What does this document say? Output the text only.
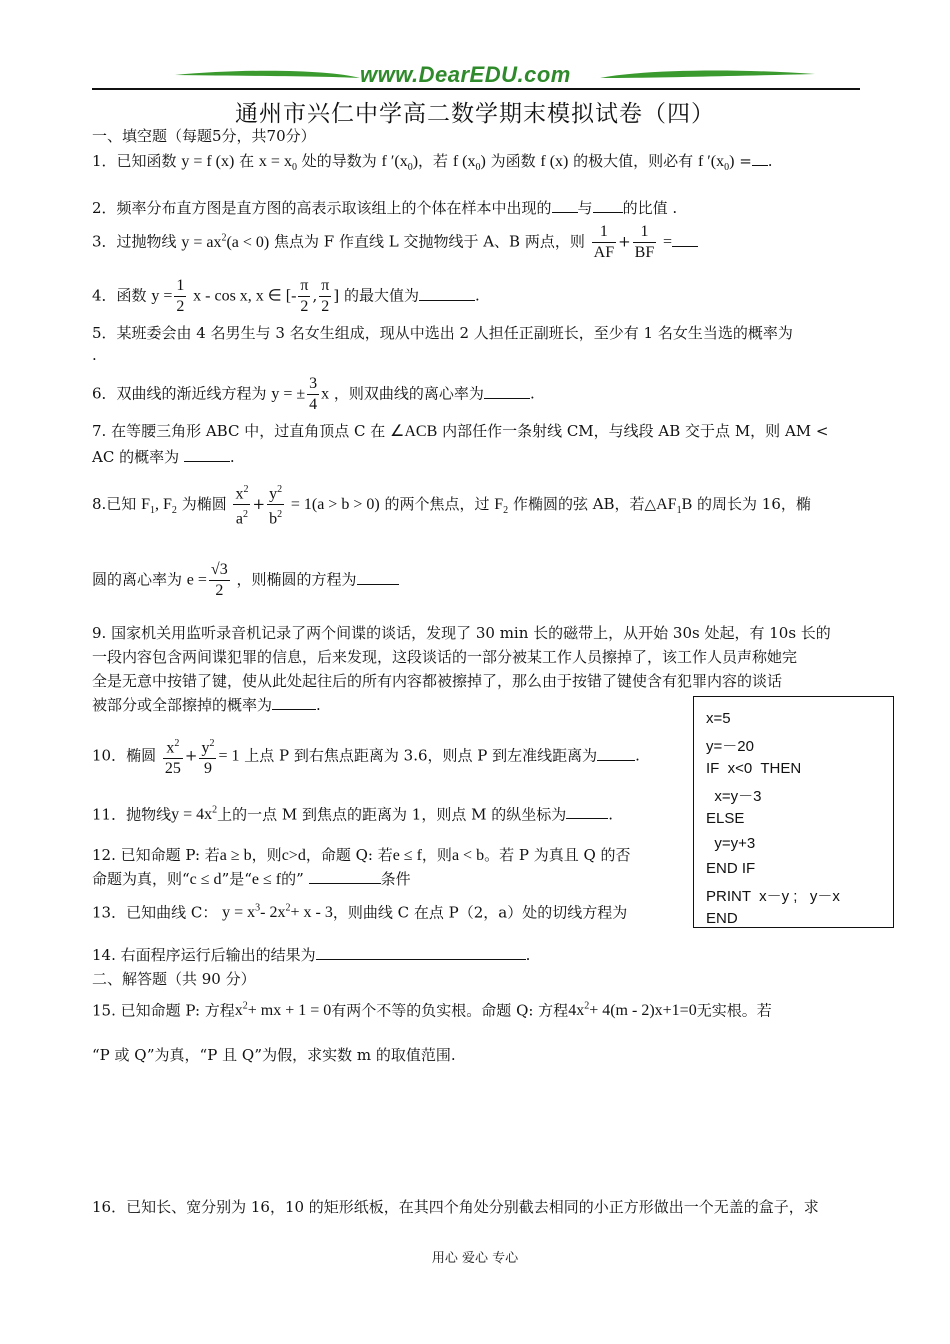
www.DearEDU.com
通州市兴仁中学高二数学期末模拟试卷（四）
一、填空题（每题5分，共70分）
1．已知函数 y = f (x) 在 $x = x_0$ 处的导数为 f $'(x_0)$，若 f $(x_0)$ 为函数 f (x) 的极大值，则必有 f $'(x_0)$ = .
2．频率分布直方图是直方图的高表示取该组上的个体在样本中出现的 与 的比值 .
3．过抛物线 $y = ax^2(a < 0)$ 焦点为 F 作直线 L 交抛物线于 A、B 两点，则 $\frac{1}{AF} + \frac{1}{BF}$ =
4．函数 $y = \frac{1}{2}$ x - cos x, x ∈ [- $\frac{\pi}{2}$ , $\frac{\pi}{2}$ ] 的最大值为	.
5．某班委会由 4 名男生与 3 名女生组成，现从中选出 2 人担任正副班长，至少有 1 名女生当选的概率为
.
6．双曲线的渐近线方程为 y = ± $\frac{3}{4}$ x ，则双曲线的离心率为	.
7. 在等腰三角形 ABC 中，过直角顶点 C 在 ∠ACB 内部任作一条射线 CM，与线段 AB 交于点 M，则 AM <
AC 的概率为	.
8.已知 $F_1$, $F_2$ 为椭圆 $\frac{x^2}{a^2} + \frac{y^2}{b^2} = 1(a > b > 0)$ 的两个焦点，过 $F_2$ 作椭圆的弦 AB，若$\triangle AF_1B$ 的周长为 16，椭
圆的离心率为 $e = \frac{√3}{2}$ ，则椭圆的方程为
9. 国家机关用监听录音机记录了两个间谍的谈话，发现了 30 min 长的磁带上，从开始 30s 处起，有 10s 长的
一段内容包含两间谍犯罪的信息，后来发现，这段谈话的一部分被某工作人员擦掉了，该工作人员声称她完
全是无意中按错了键，使从此处起往后的所有内容都被擦掉了，那么由于按错了键使含有犯罪内容的谈话
被部分或全部擦掉的概率为	.
x=5
y=－20
IF  x<0  THEN
x=y－3
ELSE
y=y+3
END IF
PRINT  x－y ;   y－x
END
10．椭圆 $\frac{x^2}{25} + \frac{y^2}{9} = 1$ 上点 P 到右焦点距离为 3.6，则点 P 到左准线距离为	.
11．抛物线$y = 4x^2$上的一点 M 到焦点的距离为 1，则点 M 的纵坐标为	.
12. 已知命题 P: 若a ≥ b，则c>d，命题 Q: 若e ≤ f，则a < b。若 P 为真且 Q 的否
命题为真，则“c ≤ d”是“e ≤ f的”	条件
13．已知曲线 C： $y = x^3-$ $2x^2+ x - 3$，则曲线 C 在点 P（2，a）处的切线方程为
14. 右面程序运行后输出的结果为	.
二、解答题（共 90 分）
15. 已知命题 P: 方程$x^2+$ mx + 1 = 0有两个不等的负实根。命题 Q: 方程$4x^2+ 4(m - 2)x+1=0$无实根。若
“P 或 Q”为真，“P 且 Q”为假，求实数 m 的取值范围.
16．已知长、宽分别为 16，10 的矩形纸板，在其四个角处分别截去相同的小正方形做出一个无盖的盒子，求
用心 爱心 专心
